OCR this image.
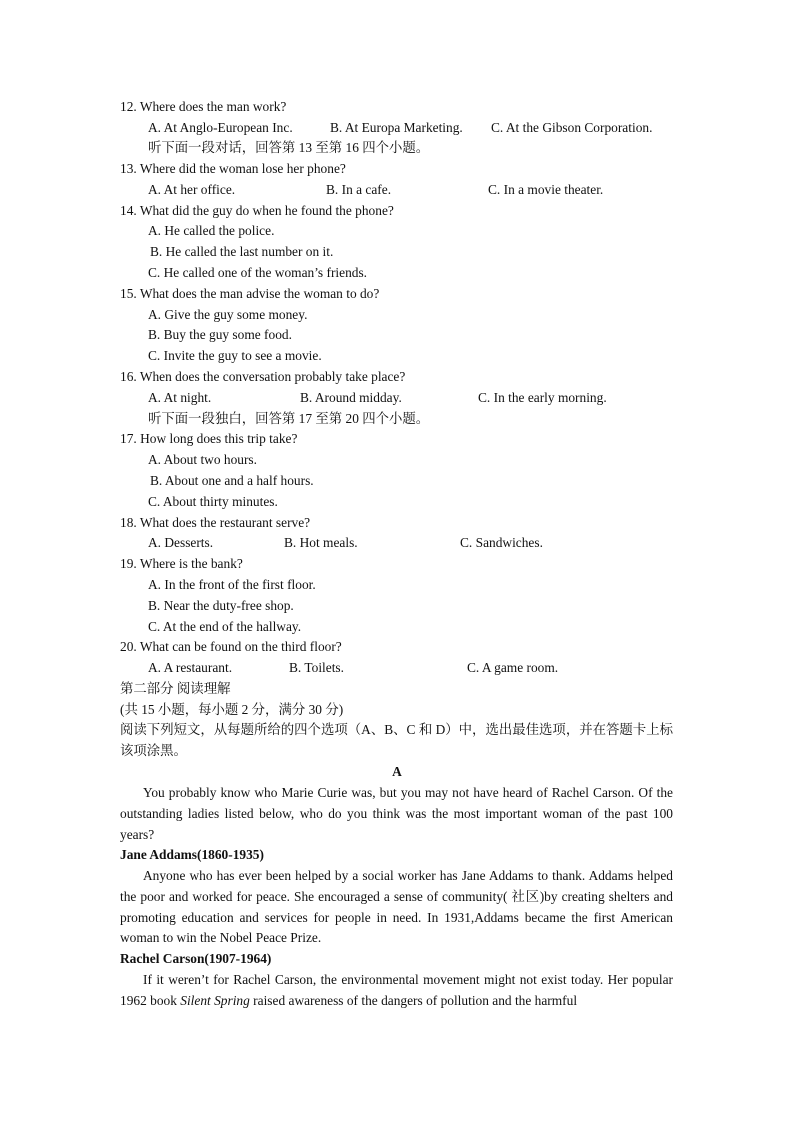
12. Where does the man work?
A. At Anglo-European Inc.	B. At Europa Marketing. C. At the Gibson Corporation.
听下面一段对话，回答第 13 至第 16 四个小题。
13. Where did the woman lose her phone?
A. At her office.	B. In a cafe.	C. In a movie theater.
14. What did the guy do when he found the phone?
A. He called the police.
B. He called the last number on it.
C. He called one of the woman’s friends.
15. What does the man advise the woman to do?
A. Give the guy some money.
B. Buy the guy some food.
C. Invite the guy to see a movie.
16. When does the conversation probably take place?
A. At night.	B. Around midday.	C. In the early morning.
听下面一段独白，回答第 17 至第 20 四个小题。
17. How long does this trip take?
A. About two hours.
B. About one and a half hours.
C. About thirty minutes.
18. What does the restaurant serve?
A. Desserts.	B. Hot meals.	C. Sandwiches.
19. Where is the bank?
A. In the front of the first floor.
B. Near the duty-free shop.
C. At the end of the hallway.
20. What can be found on the third floor?
A. A restaurant.	B. Toilets.	C. A game room.
第二部分 阅读理解
(共 15 小题，每小题 2 分，满分 30 分)
阅读下列短文，从每题所给的四个选项（A、B、C 和 D）中，选出最佳选项，并在答题卡上标该项涂黑。
A
You probably know who Marie Curie was, but you may not have heard of Rachel Carson. Of the outstanding ladies listed below, who do you think was the most important woman of the past 100 years?
Jane Addams(1860-1935)
Anyone who has ever been helped by a social worker has Jane Addams to thank. Addams helped the poor and worked for peace. She encouraged a sense of community( 社区)by creating shelters and promoting education and services for people in need. In 1931,Addams became the first American woman to win the Nobel Peace Prize.
Rachel Carson(1907-1964)
If it weren’t for Rachel Carson, the environmental movement might not exist today. Her popular 1962 book Silent Spring raised awareness of the dangers of pollution and the harmful
